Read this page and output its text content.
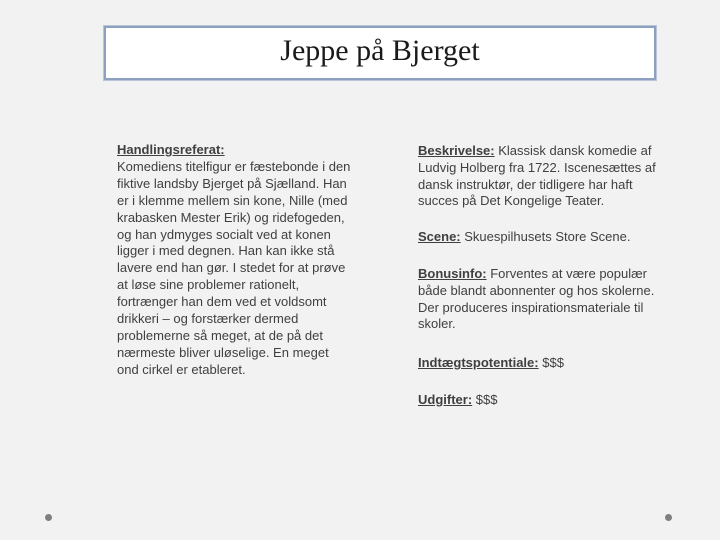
Jeppe på Bjerget
Handlingsreferat:
Komediens titelfigur er fæstebonde i den fiktive landsby Bjerget på Sjælland. Han er i klemme mellem sin kone, Nille (med krabasken Mester Erik) og ridefogeden, og han ydmyges socialt ved at konen ligger i med degnen. Han kan ikke stå lavere end han gør. I stedet for at prøve at løse sine problemer rationelt, fortrænger han dem ved et voldsomt drikkeri – og forstærker dermed problemerne så meget, at de på det nærmeste bliver uløselige. En meget ond cirkel er etableret.

Beskrivelse: Klassisk dansk komedie af Ludvig Holberg fra 1722. Iscenesættes af dansk instruktør, der tidligere har haft succes på Det Kongelige Teater.

Scene: Skuespilhusets Store Scene.

Bonusinfo: Forventes at være populær både blandt abonnenter og hos skolerne. Der produceres inspirationsmateriale til skoler.

Indtægtspotentiale: $$$

Udgifter: $$$
